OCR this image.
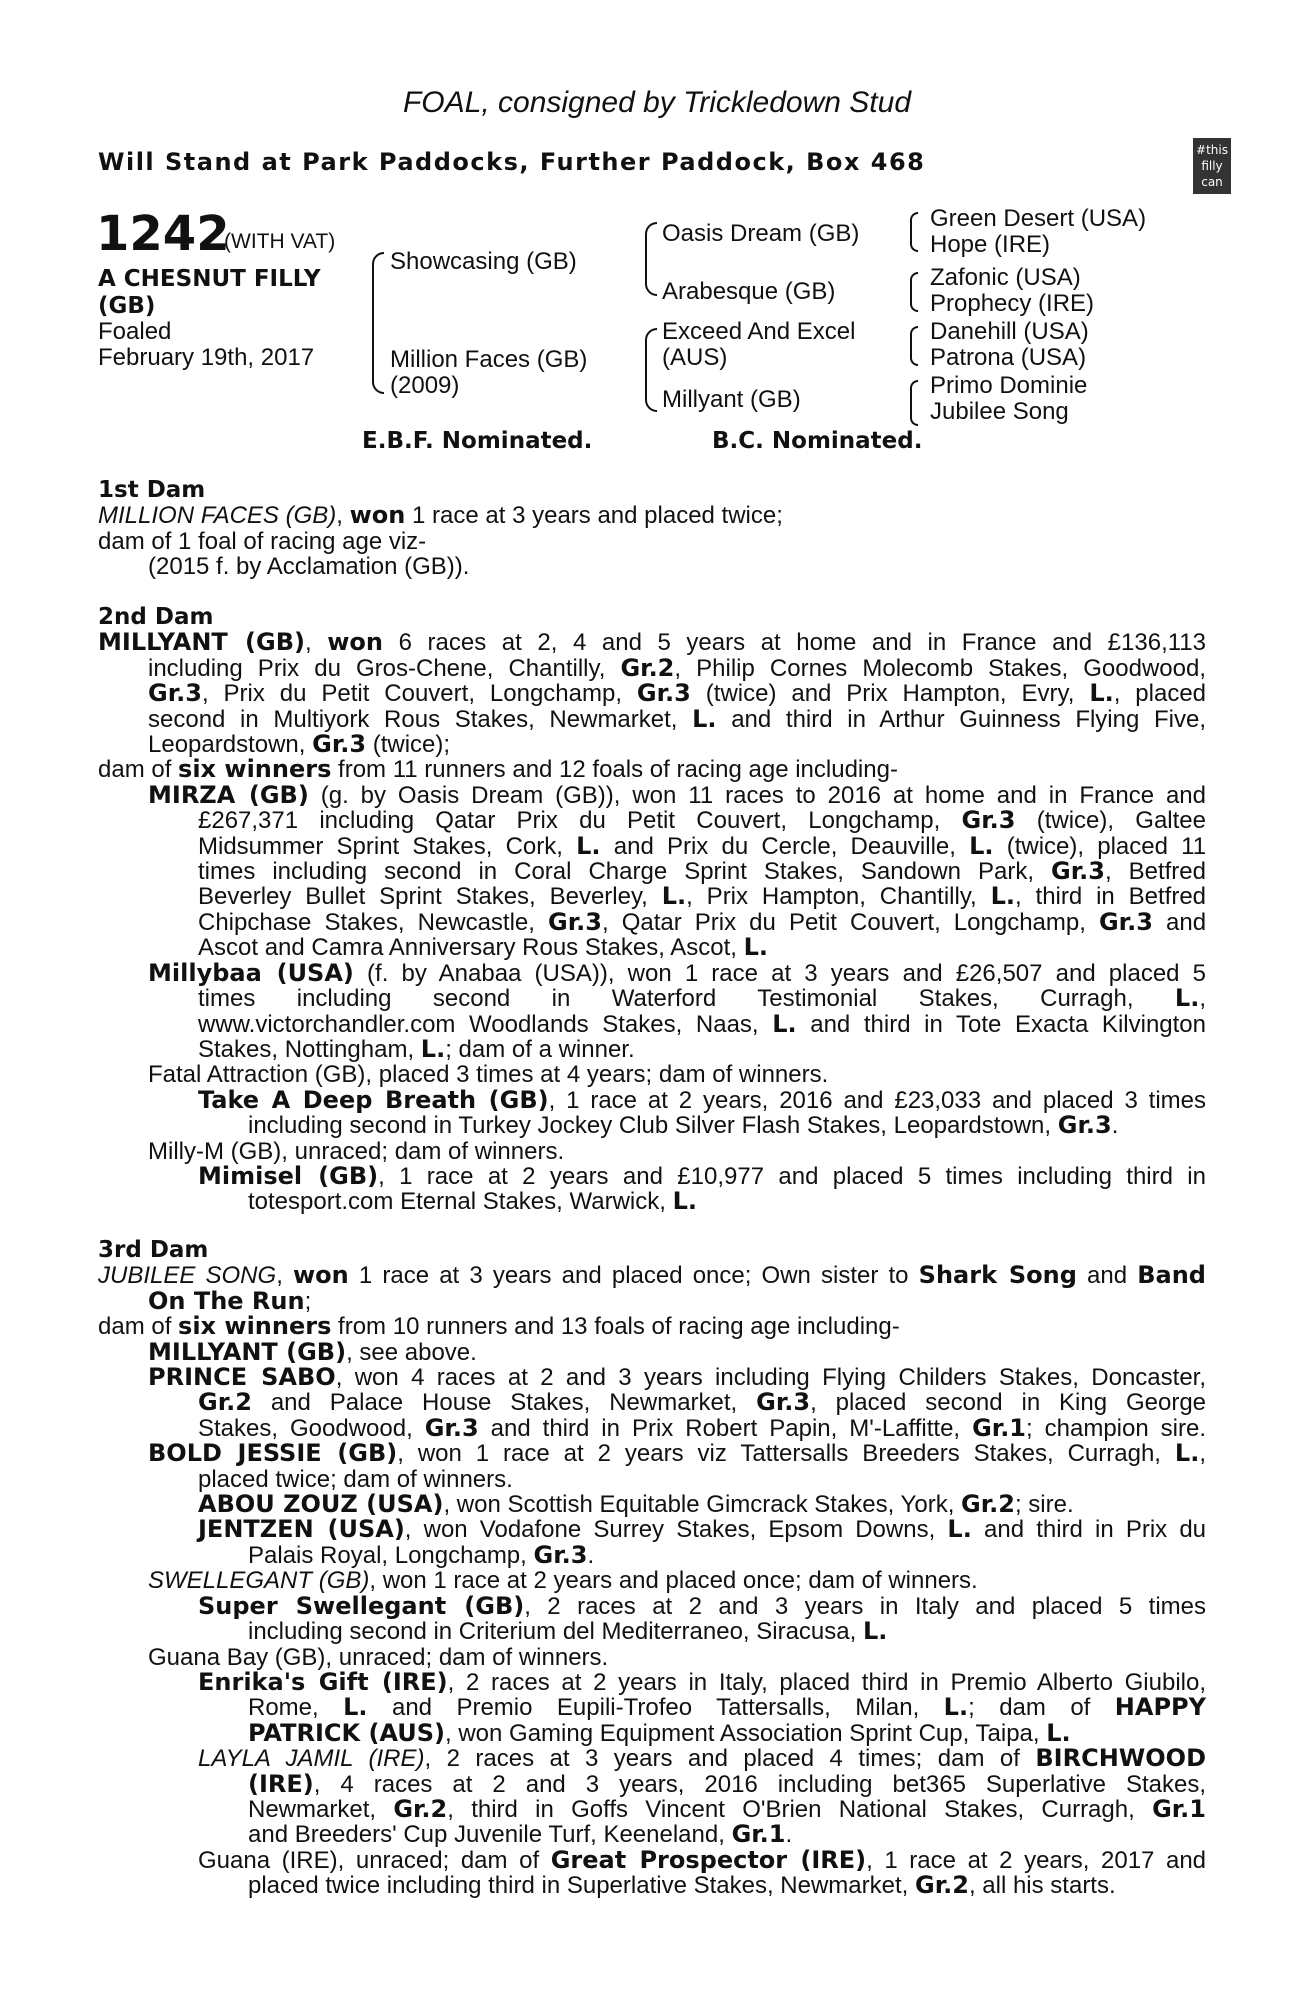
FOAL, consigned by Trickledown Stud
Will Stand at Park Paddocks, Further Paddock, Box 468	#this filly can
1242
(WITH VAT)
A CHESNUT FILLY
(GB)
Foaled
February 19th, 2017
Showcasing (GB)
Million Faces (GB)
(2009)
Oasis Dream (GB)
Arabesque (GB)
Exceed And Excel
(AUS)
Millyant (GB)
Green Desert (USA)
Hope (IRE)
Zafonic (USA)
Prophecy (IRE)
Danehill (USA)
Patrona (USA)
Primo Dominie
Jubilee Song
E.B.F. Nominated.	B.C. Nominated.
1st Dam
MILLION FACES (GB), won 1 race at 3 years and placed twice;
dam of 1 foal of racing age viz-
(2015 f. by Acclamation (GB)).
2nd Dam
MILLYANT (GB), won 6 races at 2, 4 and 5 years at home and in France and £136,113
including Prix du Gros-Chene, Chantilly, Gr.2, Philip Cornes Molecomb Stakes, Goodwood,
Gr.3, Prix du Petit Couvert, Longchamp, Gr.3 (twice) and Prix Hampton, Evry, L., placed
second in Multiyork Rous Stakes, Newmarket, L. and third in Arthur Guinness Flying Five,
Leopardstown, Gr.3 (twice);
dam of six winners from 11 runners and 12 foals of racing age including-
MIRZA (GB) (g. by Oasis Dream (GB)), won 11 races to 2016 at home and in France and
£267,371 including Qatar Prix du Petit Couvert, Longchamp, Gr.3 (twice), Galtee
Midsummer Sprint Stakes, Cork, L. and Prix du Cercle, Deauville, L. (twice), placed 11
times including second in Coral Charge Sprint Stakes, Sandown Park, Gr.3, Betfred
Beverley Bullet Sprint Stakes, Beverley, L., Prix Hampton, Chantilly, L., third in Betfred
Chipchase Stakes, Newcastle, Gr.3, Qatar Prix du Petit Couvert, Longchamp, Gr.3 and
Ascot and Camra Anniversary Rous Stakes, Ascot, L.
Millybaa (USA) (f. by Anabaa (USA)), won 1 race at 3 years and £26,507 and placed 5
times including second in Waterford Testimonial Stakes, Curragh, L.,
www.victorchandler.com Woodlands Stakes, Naas, L. and third in Tote Exacta Kilvington
Stakes, Nottingham, L.; dam of a winner.
Fatal Attraction (GB), placed 3 times at 4 years; dam of winners.
Take A Deep Breath (GB), 1 race at 2 years, 2016 and £23,033 and placed 3 times
including second in Turkey Jockey Club Silver Flash Stakes, Leopardstown, Gr.3.
Milly-M (GB), unraced; dam of winners.
Mimisel (GB), 1 race at 2 years and £10,977 and placed 5 times including third in
totesport.com Eternal Stakes, Warwick, L.
3rd Dam
JUBILEE SONG, won 1 race at 3 years and placed once; Own sister to Shark Song and Band
On The Run;
dam of six winners from 10 runners and 13 foals of racing age including-
MILLYANT (GB), see above.
PRINCE SABO, won 4 races at 2 and 3 years including Flying Childers Stakes, Doncaster,
Gr.2 and Palace House Stakes, Newmarket, Gr.3, placed second in King George
Stakes, Goodwood, Gr.3 and third in Prix Robert Papin, M'-Laffitte, Gr.1; champion sire.
BOLD JESSIE (GB), won 1 race at 2 years viz Tattersalls Breeders Stakes, Curragh, L.,
placed twice; dam of winners.
ABOU ZOUZ (USA), won Scottish Equitable Gimcrack Stakes, York, Gr.2; sire.
JENTZEN (USA), won Vodafone Surrey Stakes, Epsom Downs, L. and third in Prix du
Palais Royal, Longchamp, Gr.3.
SWELLEGANT (GB), won 1 race at 2 years and placed once; dam of winners.
Super Swellegant (GB), 2 races at 2 and 3 years in Italy and placed 5 times
including second in Criterium del Mediterraneo, Siracusa, L.
Guana Bay (GB), unraced; dam of winners.
Enrika's Gift (IRE), 2 races at 2 years in Italy, placed third in Premio Alberto Giubilo,
Rome, L. and Premio Eupili-Trofeo Tattersalls, Milan, L.; dam of HAPPY
PATRICK (AUS), won Gaming Equipment Association Sprint Cup, Taipa, L.
LAYLA JAMIL (IRE), 2 races at 3 years and placed 4 times; dam of BIRCHWOOD
(IRE), 4 races at 2 and 3 years, 2016 including bet365 Superlative Stakes,
Newmarket, Gr.2, third in Goffs Vincent O'Brien National Stakes, Curragh, Gr.1
and Breeders' Cup Juvenile Turf, Keeneland, Gr.1.
Guana (IRE), unraced; dam of Great Prospector (IRE), 1 race at 2 years, 2017 and
placed twice including third in Superlative Stakes, Newmarket, Gr.2, all his starts.
